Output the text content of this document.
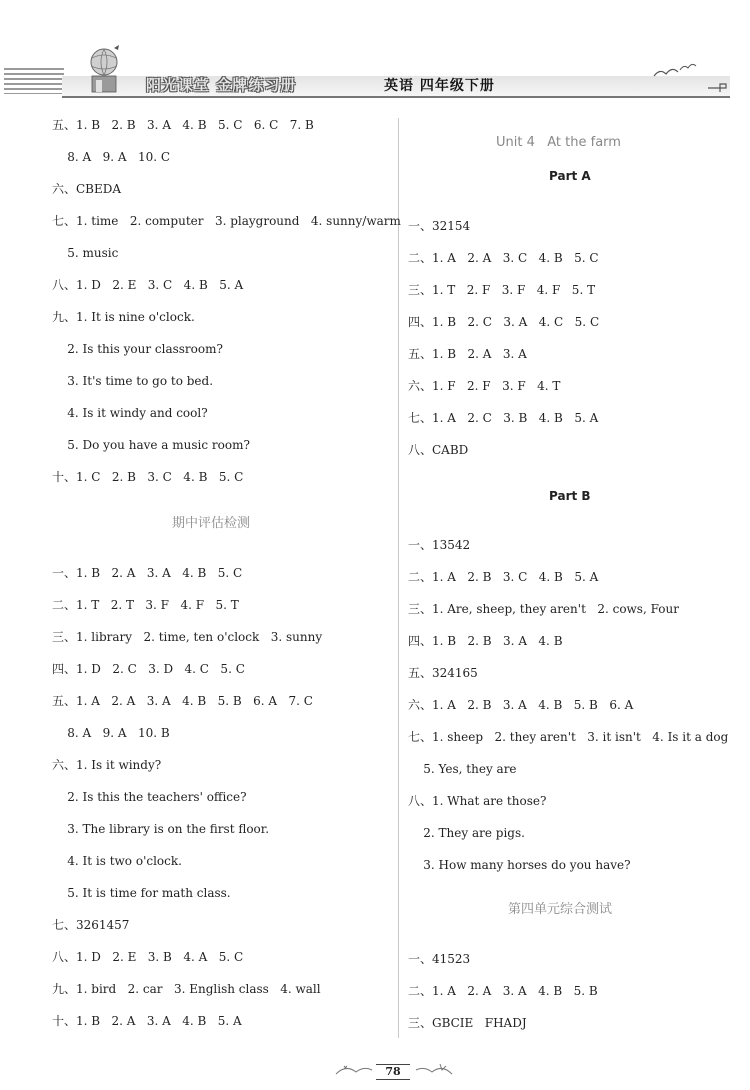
阳光课堂 金牌练习册	英语 四年级下册
五、1. B   2. B   3. A   4. B   5. C   6. C   7. B
8. A   9. A   10. C
六、CBEDA
七、1. time   2. computer   3. playground   4. sunny/warm
5. music
八、1. D   2. E   3. C   4. B   5. A
九、1. It is nine o'clock.
2. Is this your classroom?
3. It's time to go to bed.
4. Is it windy and cool?
5. Do you have a music room?
十、1. C   2. B   3. C   4. B   5. C
期中评估检测
一、1. B   2. A   3. A   4. B   5. C
二、1. T   2. T   3. F   4. F   5. T
三、1. library   2. time, ten o'clock   3. sunny
四、1. D   2. C   3. D   4. C   5. C
五、1. A   2. A   3. A   4. B   5. B   6. A   7. C
8. A   9. A   10. B
六、1. Is it windy?
2. Is this the teachers' office?
3. The library is on the first floor.
4. It is two o'clock.
5. It is time for math class.
七、3261457
八、1. D   2. E   3. B   4. A   5. C
九、1. bird   2. car   3. English class   4. wall
十、1. B   2. A   3. A   4. B   5. A
Unit 4   At the farm
Part A
一、32154
二、1. A   2. A   3. C   4. B   5. C
三、1. T   2. F   3. F   4. F   5. T
四、1. B   2. C   3. A   4. C   5. C
五、1. B   2. A   3. A
六、1. F   2. F   3. F   4. T
七、1. A   2. C   3. B   4. B   5. A
八、CABD
Part B
一、13542
二、1. A   2. B   3. C   4. B   5. A
三、1. Are, sheep, they aren't   2. cows, Four
四、1. B   2. B   3. A   4. B
五、324165
六、1. A   2. B   3. A   4. B   5. B   6. A
七、1. sheep   2. they aren't   3. it isn't   4. Is it a dog
5. Yes, they are
八、1. What are those?
2. They are pigs.
3. How many horses do you have?
第四单元综合测试
一、41523
二、1. A   2. A   3. A   4. B   5. B
三、GBCIE   FHADJ
78
